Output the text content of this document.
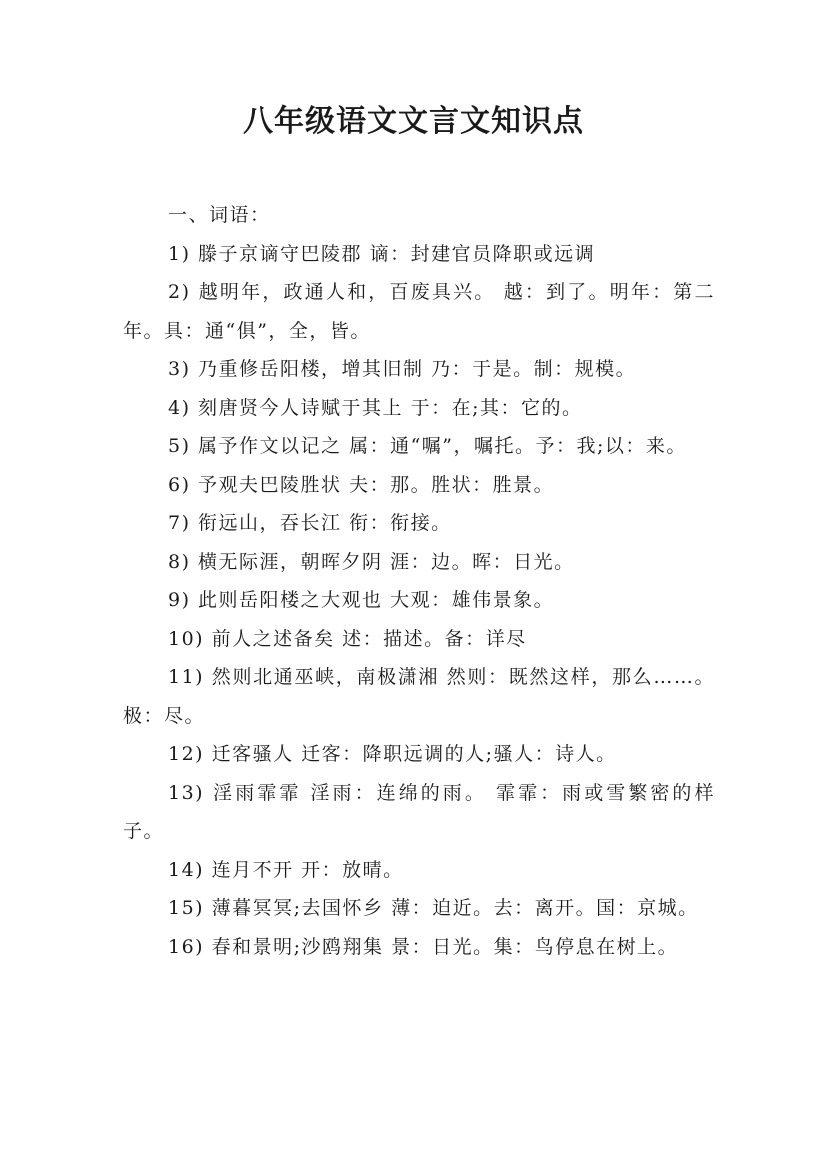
八年级语文文言文知识点

一、词语：

1) 滕子京谪守巴陵郡 谪：封建官员降职或远调

2) 越明年，政通人和，百废具兴。 越：到了。明年：第二年。具：通“俱”，全，皆。

3) 乃重修岳阳楼，增其旧制 乃：于是。制：规模。

4) 刻唐贤今人诗赋于其上 于：在;其：它的。

5) 属予作文以记之 属：通“嘱”，嘱托。予：我;以：来。

6) 予观夫巴陵胜状 夫：那。胜状：胜景。

7) 衔远山，吞长江 衔：衔接。

8) 横无际涯，朝晖夕阴 涯：边。晖：日光。

9) 此则岳阳楼之大观也 大观：雄伟景象。

10) 前人之述备矣 述：描述。备：详尽

11) 然则北通巫峡，南极潇湘 然则：既然这样，那么……。极：尽。

12) 迁客骚人 迁客：降职远调的人;骚人：诗人。

13) 淫雨霏霏 淫雨：连绵的雨。 霏霏：雨或雪繁密的样子。

14) 连月不开 开：放晴。

15) 薄暮冥冥;去国怀乡 薄：迫近。去：离开。国：京城。

16) 春和景明;沙鸥翔集 景：日光。集：鸟停息在树上。
